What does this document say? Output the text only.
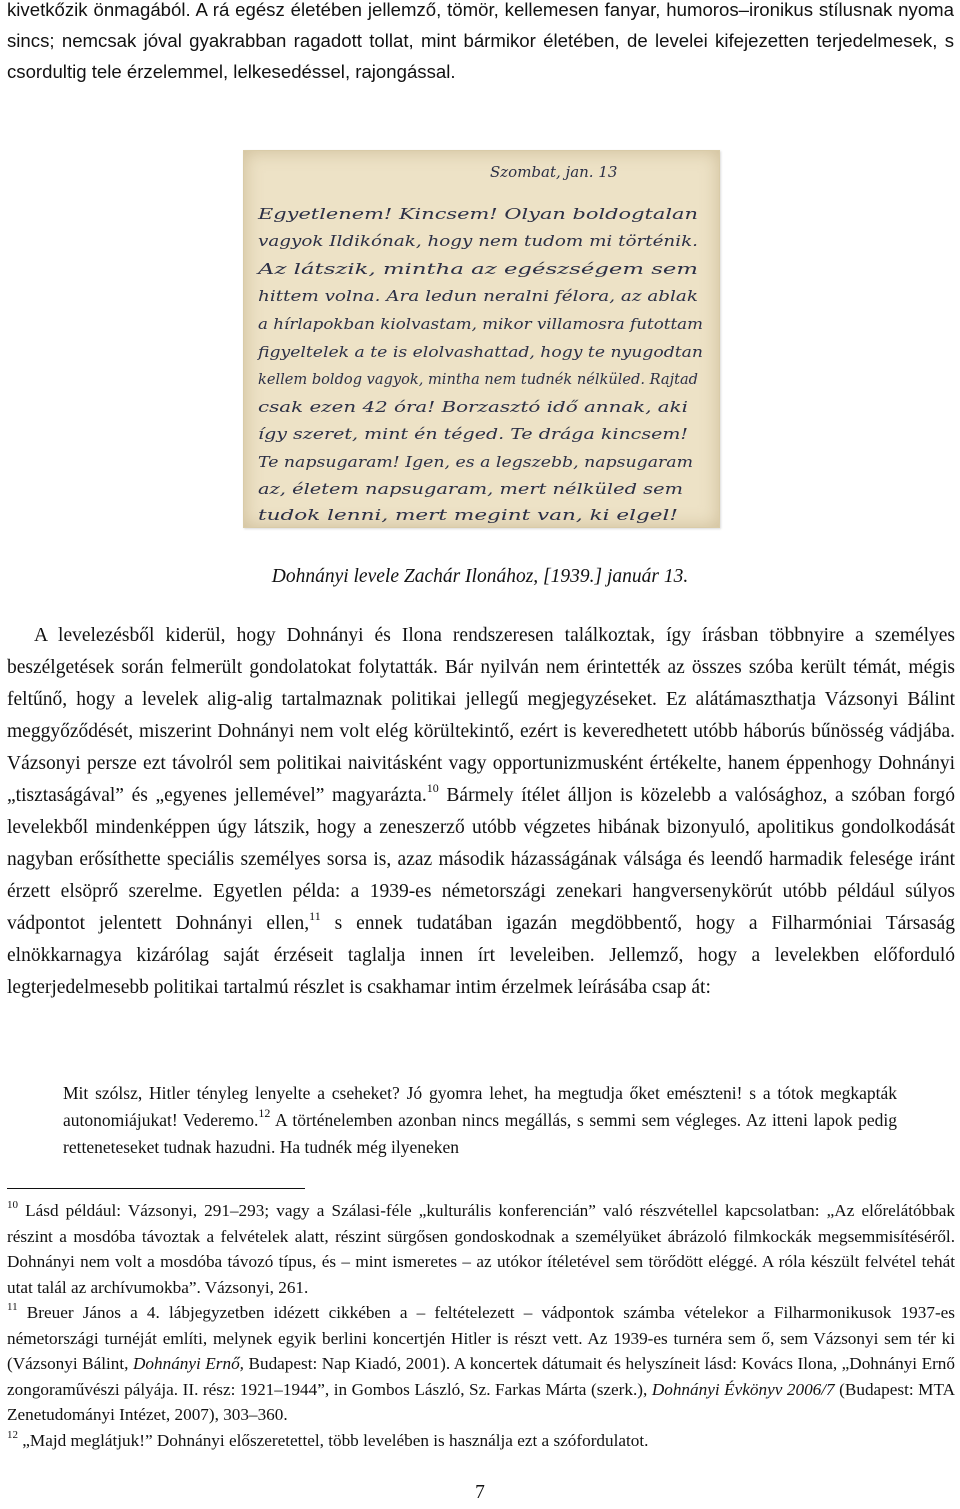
kivetkőzik önmagából. A rá egész életében jellemző, tömör, kellemesen fanyar, humoros–ironikus stílusnak nyoma sincs; nemcsak jóval gyakrabban ragadott tollat, mint bármikor életében, de levelei kifejezetten terjedelmesek, s csordultig tele érzelemmel, lelkesedéssel, rajongással.

Szombat, jan. 13
Egyetlenem! Kincsem! Olyan boldogtalan
vagyok Ildikónak, hogy nem tudom mi történik.
Az látszik, mintha az egészségem sem
hittem volna. Ara ledun neralni félora, az ablak
a hírlapokban kiolvastam, mikor villamosra futottam
figyeltelek a te is elolvashattad, hogy te nyugodtan
kellem boldog vagyok, mintha nem tudnék nélküled. Rajtad
csak ezen 42 óra! Borzasztó idő annak, aki
így szeret, mint én téged. Te drága kincsem!
Te napsugaram! Igen, es a legszebb, napsugaram
az, életem napsugaram, mert nélküled sem
tudok lenni, mert megint van, ki elgel!
Dohnányi levele Zachár Ilonához, [1939.] január 13.

A levelezésből kiderül, hogy Dohnányi és Ilona rendszeresen találkoztak, így írásban többnyire a személyes beszélgetések során felmerült gondolatokat folytatták. Bár nyilván nem érintették az összes szóba került témát, mégis feltűnő, hogy a levelek alig-alig tartalmaznak politikai jellegű megjegyzéseket. Ez alátámaszthatja Vázsonyi Bálint meggyőződését, miszerint Dohnányi nem volt elég körültekintő, ezért is keveredhetett utóbb háborús bűnösség vádjába. Vázsonyi persze ezt távolról sem politikai naivitásként vagy opportunizmusként értékelte, hanem éppenhogy Dohnányi „tisztaságával” és „egyenes jellemével” magyarázta.$^{10}$ Bármely ítélet álljon is közelebb a valósághoz, a szóban forgó levelekből mindenképpen úgy látszik, hogy a zeneszerző utóbb végzetes hibának bizonyuló, apolitikus gondolkodását nagyban erősíthette speciális személyes sorsa is, azaz második házasságának válsága és leendő harmadik felesége iránt érzett elsöprő szerelme. Egyetlen példa: a 1939-es németországi zenekari hangversenykörút utóbb például súlyos vádpontot jelentett Dohnányi ellen,$^{11}$ s ennek tudatában igazán megdöbbentő, hogy a Filharmóniai Társaság elnökkarnagya kizárólag saját érzéseit taglalja innen írt leveleiben. Jellemző, hogy a levelekben előforduló legterjedelmesebb politikai tartalmú részlet is csakhamar intim érzelmek leírásába csap át:

Mit szólsz, Hitler tényleg lenyelte a cseheket? Jó gyomra lehet, ha megtudja őket emészteni! s a tótok megkapták autonomiájukat! Vederemo.$^{12}$ A történelemben azonban nincs megállás, s semmi sem végleges. Az itteni lapok pedig retteneteseket tudnak hazudni. Ha tudnék még ilyeneken

$^{10}$ Lásd például: Vázsonyi, 291–293; vagy a Szálasi-féle „kulturális konferencián” való részvétellel kapcsolatban: „Az előrelátóbbak részint a mosdóba távoztak a felvételek alatt, részint sürgősen gondoskodnak a személyüket ábrázoló filmkockák megsemmisítéséről. Dohnányi nem volt a mosdóba távozó típus, és – mint ismeretes – az utókor ítéletével sem törődött eléggé. A róla készült felvétel tehát utat talál az archívumokba”. Vázsonyi, 261.

$^{11}$ Breuer János a 4. lábjegyzetben idézett cikkében a – feltételezett – vádpontok számba vételekor a Filharmonikusok 1937-es németországi turnéját említi, melynek egyik berlini koncertjén Hitler is részt vett. Az 1939-es turnéra sem ő, sem Vázsonyi sem tér ki (Vázsonyi Bálint, Dohnányi Ernő, Budapest: Nap Kiadó, 2001). A koncertek dátumait és helyszíneit lásd: Kovács Ilona, „Dohnányi Ernő zongoraművészi pályája. II. rész: 1921–1944”, in Gombos László, Sz. Farkas Márta (szerk.), Dohnányi Évkönyv 2006/7 (Budapest: MTA Zenetudományi Intézet, 2007), 303–360.

$^{12}$ „Majd meglátjuk!” Dohnányi előszeretettel, több levelében is használja ezt a szófordulatot.

7
